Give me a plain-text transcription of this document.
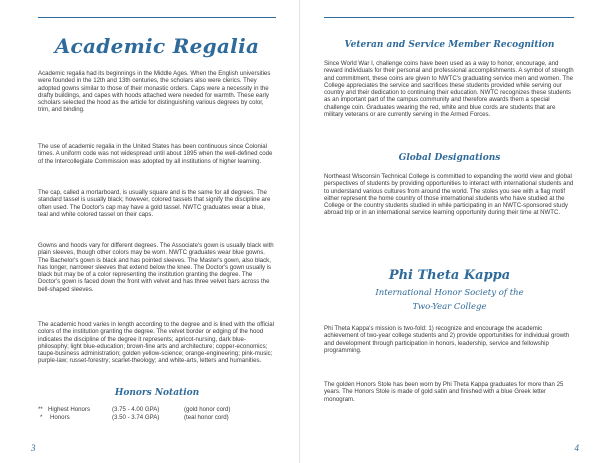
Academic Regalia

Academic regalia had its beginnings in the Middle Ages. When the English universities were founded in the 12th and 13th centuries, the scholars also were clerics. They adopted gowns similar to those of their monastic orders. Caps were a necessity in the drafty buildings, and capes with hoods attached were needed for warmth. These early scholars selected the hood as the article for distinguishing various degrees by color, trim, and binding.

The use of academic regalia in the United States has been continuous since Colonial times. A uniform code was not widespread until about 1895 when the well-defined code of the Intercollegiate Commission was adopted by all institutions of higher learning.

The cap, called a mortarboard, is usually square and is the same for all degrees. The standard tassel is usually black; however, colored tassels that signify the discipline are often used. The Doctor's cap may have a gold tassel. NWTC graduates wear a blue, teal and white colored tassel on their caps.

Gowns and hoods vary for different degrees. The Associate's gown is usually black with plain sleeves, though other colors may be worn. NWTC graduates wear blue gowns. The Bachelor's gown is black and has pointed sleeves. The Master's gown, also black, has longer, narrower sleeves that extend below the knee. The Doctor's gown usually is black but may be of a color representing the institution granting the degree. The Doctor's gown is faced down the front with velvet and has three velvet bars across the bell-shaped sleeves.

The academic hood varies in length according to the degree and is lined with the official colors of the institution granting the degree. The velvet border or edging of the hood indicates the discipline of the degree it represents; apricot-nursing, dark blue-philosophy; light blue-education; brown-fine arts and architecture; copper-economics; taupe-business administration; golden yellow-science; orange-engineering; pink-music; purple-law; russet-forestry; scarlet-theology; and white-arts, letters and humanities.

Honors Notation
** Highest Honors	(3.75 - 4.00 GPA)	(gold honor cord)
*	Honors	(3.50 - 3.74 GPA)	(teal honor cord)
3
Veteran and Service Member Recognition

Since World War I, challenge coins have been used as a way to honor, encourage, and reward individuals for their personal and professional accomplishments. A symbol of strength and commitment, these coins are given to NWTC's graduating service men and women. The College appreciates the service and sacrifices these students provided while serving our country and their dedication to continuing their education. NWTC recognizes these students as an important part of the campus community and therefore awards them a special challenge coin. Graduates wearing the red, white and blue cords are students that are military veterans or are currently serving in the Armed Forces.

Global Designations

Northeast Wisconsin Technical College is committed to expanding the world view and global perspectives of students by providing opportunities to interact with international students and to understand various cultures from around the world. The stoles you see with a flag motif either represent the home country of those international students who have studied at the College or the country students studied in while participating in an NWTC-sponsored study abroad trip or in an international service learning opportunity during their time at NWTC.

Phi Theta Kappa
International Honor Society of the
Two-Year College

Phi Theta Kappa's mission is two-fold: 1) recognize and encourage the academic achievement of two-year college students and 2) provide opportunities for individual growth and development through participation in honors, leadership, service and fellowship programming.

The golden Honors Stole has been worn by Phi Theta Kappa graduates for more than 25 years. The Honors Stole is made of gold satin and finished with a blue Greek letter monogram.

4
